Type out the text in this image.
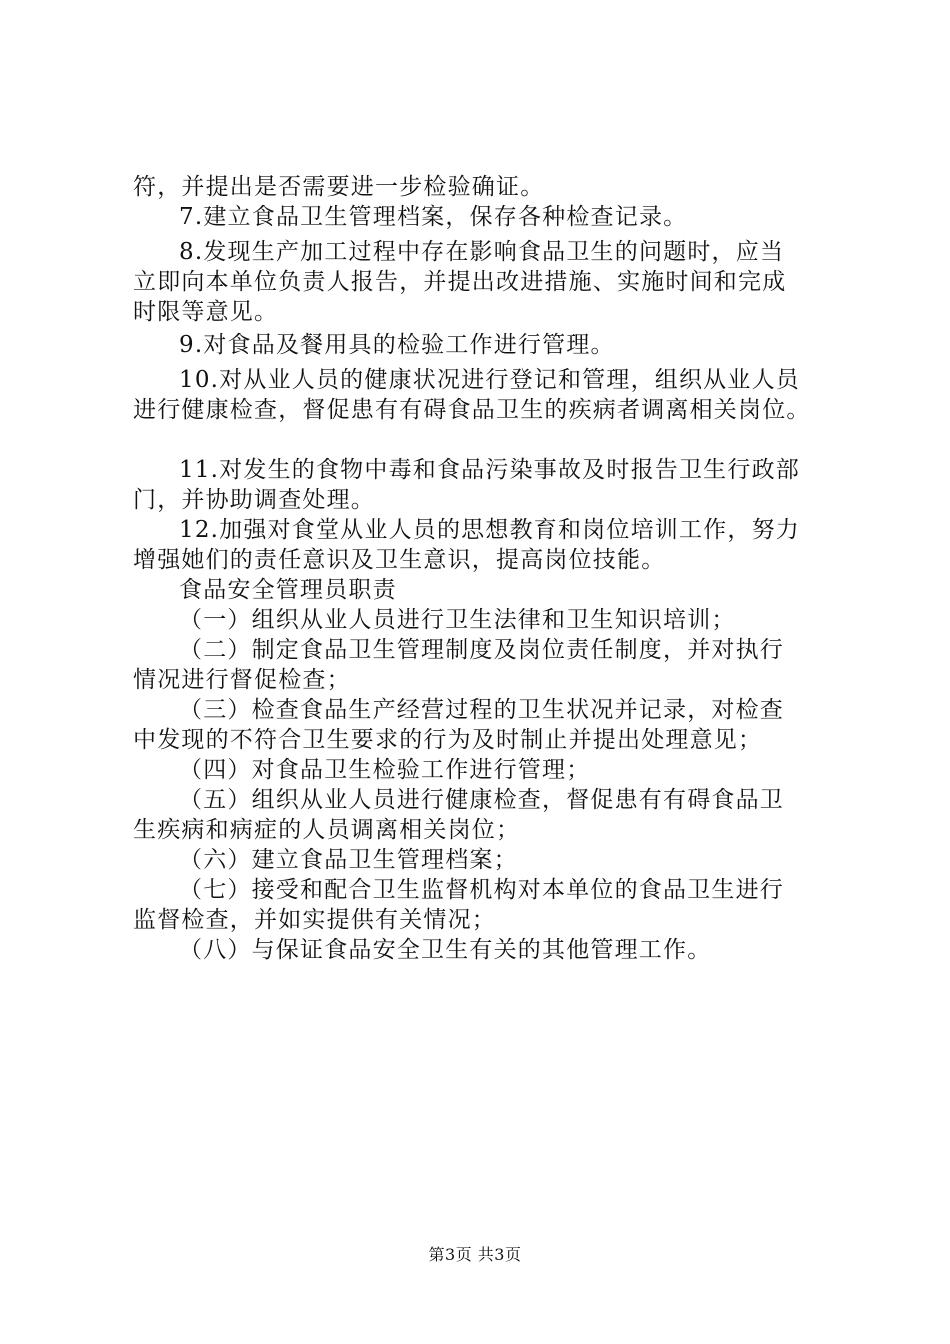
符，并提出是否需要进一步检验确证。
7.建立食品卫生管理档案，保存各种检查记录。
8.发现生产加工过程中存在影响食品卫生的问题时，应当
立即向本单位负责人报告，并提出改进措施、实施时间和完成
时限等意见。
9.对食品及餐用具的检验工作进行管理。
10.对从业人员的健康状况进行登记和管理，组织从业人员
进行健康检查，督促患有有碍食品卫生的疾病者调离相关岗位。
11.对发生的食物中毒和食品污染事故及时报告卫生行政部
门，并协助调查处理。
12.加强对食堂从业人员的思想教育和岗位培训工作，努力
增强她们的责任意识及卫生意识，提高岗位技能。
食品安全管理员职责
（一）组织从业人员进行卫生法律和卫生知识培训；
（二）制定食品卫生管理制度及岗位责任制度，并对执行
情况进行督促检查；
（三）检查食品生产经营过程的卫生状况并记录，对检查
中发现的不符合卫生要求的行为及时制止并提出处理意见；
（四）对食品卫生检验工作进行管理；
（五）组织从业人员进行健康检查，督促患有有碍食品卫
生疾病和病症的人员调离相关岗位；
（六）建立食品卫生管理档案；
（七）接受和配合卫生监督机构对本单位的食品卫生进行
监督检查，并如实提供有关情况；
（八）与保证食品安全卫生有关的其他管理工作。
第3页 共3页
